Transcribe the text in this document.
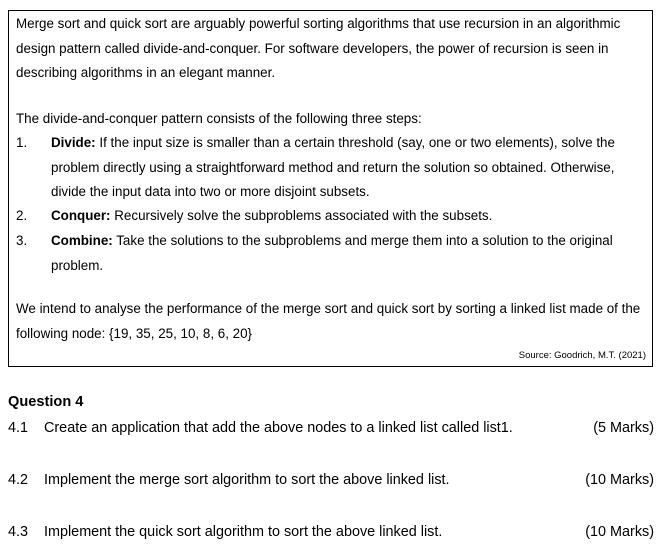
Merge sort and quick sort are arguably powerful sorting algorithms that use recursion in an algorithmic design pattern called divide-and-conquer. For software developers, the power of recursion is seen in describing algorithms in an elegant manner.

The divide-and-conquer pattern consists of the following three steps:

1. Divide: If the input size is smaller than a certain threshold (say, one or two elements), solve the problem directly using a straightforward method and return the solution so obtained. Otherwise, divide the input data into two or more disjoint subsets.
2. Conquer: Recursively solve the subproblems associated with the subsets.
3. Combine: Take the solutions to the subproblems and merge them into a solution to the original problem.

We intend to analyse the performance of the merge sort and quick sort by sorting a linked list made of the following node: {19, 35, 25, 10, 8, 6, 20}

Source: Goodrich, M.T. (2021)
Question 4
4.1 Create an application that add the above nodes to a linked list called list1.	(5 Marks)
4.2 Implement the merge sort algorithm to sort the above linked list.	(10 Marks)
4.3 Implement the quick sort algorithm to sort the above linked list.	(10 Marks)
